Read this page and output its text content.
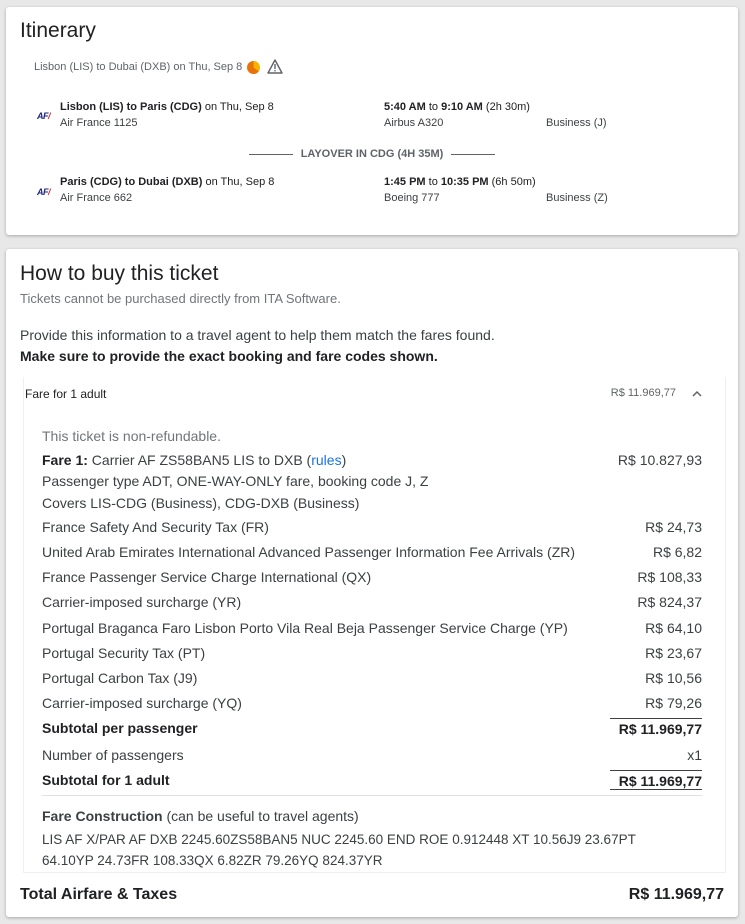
Itinerary
Lisbon (LIS) to Dubai (DXB) on Thu, Sep 8
AF/
Lisbon (LIS) to Paris (CDG) on Thu, Sep 8
Air France 1125
5:40 AM to 9:10 AM (2h 30m)
Airbus A320	Business (J)
LAYOVER IN CDG (4H 35M)
AF/
Paris (CDG) to Dubai (DXB) on Thu, Sep 8
Air France 662
1:45 PM to 10:35 PM (6h 50m)
Boeing 777	Business (Z)
How to buy this ticket
Tickets cannot be purchased directly from ITA Software.
Provide this information to a travel agent to help them match the fares found.
Make sure to provide the exact booking and fare codes shown.
Fare for 1 adult	R$ 11.969,77
This ticket is non-refundable.
Fare 1: Carrier AF ZS58BAN5 LIS to DXB (rules)	R$ 10.827,93
Passenger type ADT, ONE-WAY-ONLY fare, booking code J, Z
Covers LIS-CDG (Business), CDG-DXB (Business)
France Safety And Security Tax (FR)	R$ 24,73
United Arab Emirates International Advanced Passenger Information Fee Arrivals (ZR)	R$ 6,82
France Passenger Service Charge International (QX)	R$ 108,33
Carrier-imposed surcharge (YR)	R$ 824,37
Portugal Braganca Faro Lisbon Porto Vila Real Beja Passenger Service Charge (YP)	R$ 64,10
Portugal Security Tax (PT)	R$ 23,67
Portugal Carbon Tax (J9)	R$ 10,56
Carrier-imposed surcharge (YQ)	R$ 79,26
Subtotal per passenger	R$ 11.969,77
Number of passengers	x1
Subtotal for 1 adult	R$ 11.969,77
Fare Construction (can be useful to travel agents)
LIS AF X/PAR AF DXB 2245.60ZS58BAN5 NUC 2245.60 END ROE 0.912448 XT 10.56J9 23.67PT 64.10YP 24.73FR 108.33QX 6.82ZR 79.26YQ 824.37YR
Total Airfare & Taxes	R$ 11.969,77
